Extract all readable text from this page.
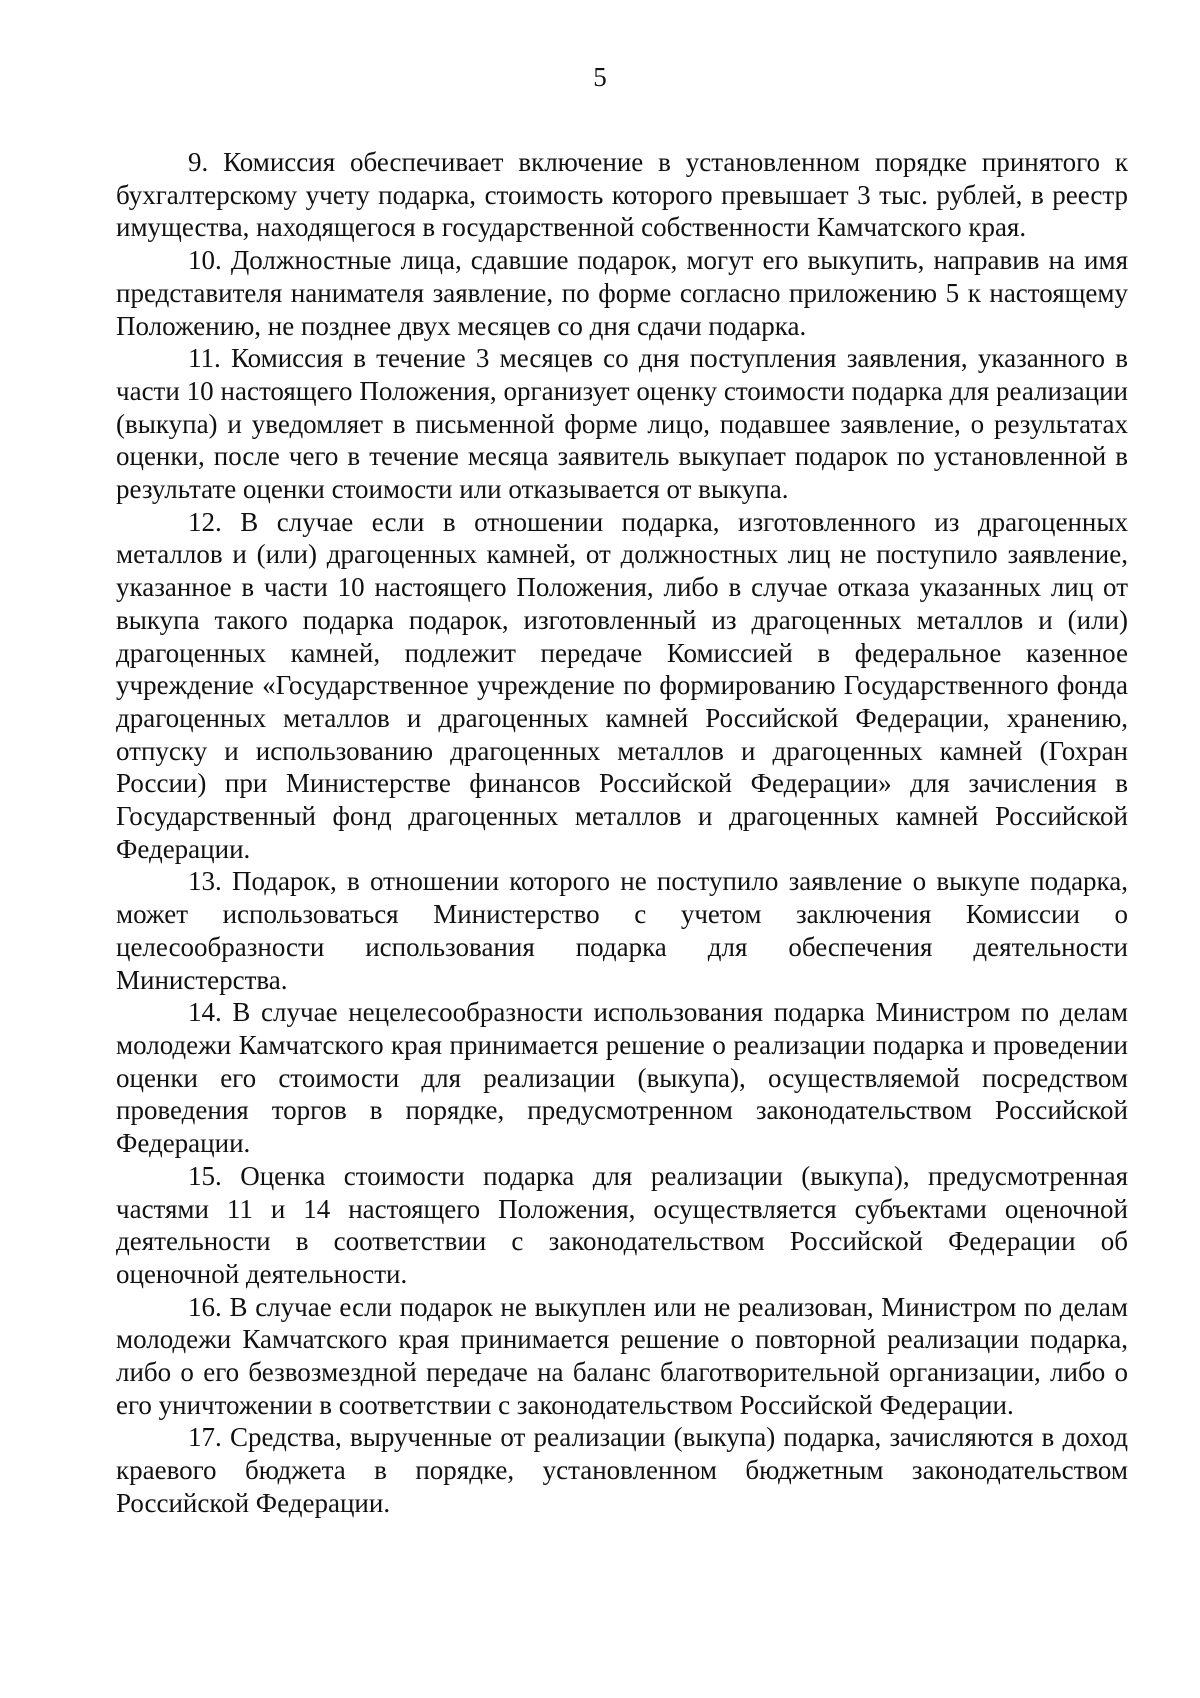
5

9. Комиссия обеспечивает включение в установленном порядке принятого к бухгалтерскому учету подарка, стоимость которого превышает 3 тыс. рублей, в реестр имущества, находящегося в государственной собственности Камчатского края.

10. Должностные лица, сдавшие подарок, могут его выкупить, направив на имя представителя нанимателя заявление, по форме согласно приложению 5 к настоящему Положению, не позднее двух месяцев со дня сдачи подарка.

11. Комиссия в течение 3 месяцев со дня поступления заявления, указанного в части 10 настоящего Положения, организует оценку стоимости подарка для реализации (выкупа) и уведомляет в письменной форме лицо, подавшее заявление, о результатах оценки, после чего в течение месяца заявитель выкупает подарок по установленной в результате оценки стоимости или отказывается от выкупа.

12. В случае если в отношении подарка, изготовленного из драгоценных металлов и (или) драгоценных камней, от должностных лиц не поступило заявление, указанное в части 10 настоящего Положения, либо в случае отказа указанных лиц от выкупа такого подарка подарок, изготовленный из драгоценных металлов и (или) драгоценных камней, подлежит передаче Комиссией в федеральное казенное учреждение «Государственное учреждение по формированию Государственного фонда драгоценных металлов и драгоценных камней Российской Федерации, хранению, отпуску и использованию драгоценных металлов и драгоценных камней (Гохран России) при Министерстве финансов Российской Федерации» для зачисления в Государственный фонд драгоценных металлов и драгоценных камней Российской Федерации.

13. Подарок, в отношении которого не поступило заявление о выкупе подарка, может использоваться Министерство с учетом заключения Комиссии о целесообразности использования подарка для обеспечения деятельности Министерства.

14. В случае нецелесообразности использования подарка Министром по делам молодежи Камчатского края принимается решение о реализации подарка и проведении оценки его стоимости для реализации (выкупа), осуществляемой посредством проведения торгов в порядке, предусмотренном законодательством Российской Федерации.

15. Оценка стоимости подарка для реализации (выкупа), предусмотренная частями 11 и 14 настоящего Положения, осуществляется субъектами оценочной деятельности в соответствии с законодательством Российской Федерации об оценочной деятельности.

16. В случае если подарок не выкуплен или не реализован, Министром по делам молодежи Камчатского края принимается решение о повторной реализации подарка, либо о его безвозмездной передаче на баланс благотворительной организации, либо о его уничтожении в соответствии с законодательством Российской Федерации.

17. Средства, вырученные от реализации (выкупа) подарка, зачисляются в доход краевого бюджета в порядке, установленном бюджетным законодательством Российской Федерации.
